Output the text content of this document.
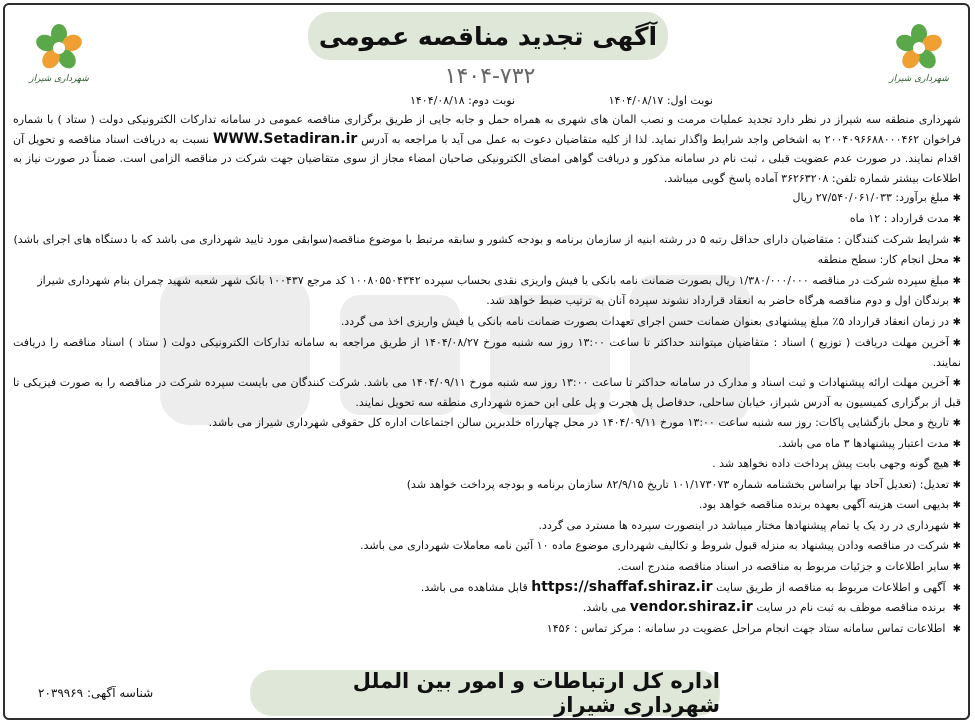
شهرداری شیراز	شهرداری شیراز
آگهی تجدید مناقصه عمومی
۱۴۰۴-۷۳۲
نوبت اول: ۱۴۰۴/۰۸/۱۷
نوبت دوم: ۱۴۰۴/۰۸/۱۸

شهرداری منطقه سه شیراز در نظر دارد تجدید عملیات مرمت و نصب المان های شهری به همراه حمل و جابه جایی از طریق برگزاری مناقصه عمومی در سامانه تدارکات الکترونیکی دولت ( ستاد ) با شماره فراخوان ۲۰۰۴۰۹۶۶۸۸۰۰۰۴۶۲ به اشخاص واجد شرایط واگذار نماید. لذا از کلیه متقاضیان دعوت به عمل می آید با مراجعه به آدرس WWW.Setadiran.ir نسبت به دریافت اسناد مناقصه و تحویل آن اقدام نمایند. در صورت عدم عضویت قبلی ، ثبت نام در سامانه مذکور و دریافت گواهی امضای الکترونیکی صاحبان امضاء مجاز از سوی متقاضیان جهت شرکت در مناقصه الزامی است. ضمناً در صورت نیاز به اطلاعات بیشتر شماره تلفن: ۳۶۲۶۳۲۰۸ آماده پاسخ گویی میباشد.

✱مبلغ برآورد: ۲۷/۵۴۰/۰۶۱/۰۳۳ ریال
✱مدت قرارداد : ۱۲ ماه
✱شرایط شرکت کنندگان : متقاضیان دارای حداقل رتبه ۵ در رشته ابنیه از سازمان برنامه و بودجه کشور و سابقه مرتبط با موضوع مناقصه(سوابقی مورد تایید شهرداری می باشد که با دستگاه های اجرای باشد)
✱محل انجام کار: سطح منطقه
✱مبلغ سپرده شرکت در مناقصه ۱/۳۸۰/۰۰۰/۰۰۰ ریال بصورت ضمانت نامه بانکی یا فیش واریزی نقدی بحساب سپرده ۱۰۰۸۰۵۵۰۴۳۴۲ کد مرجع ۱۰۰۴۳۷ بانک شهر شعبه شهید چمران بنام شهرداری شیراز
✱برندگان اول و دوم مناقصه هرگاه حاضر به انعقاد قرارداد نشوند سپرده آنان به ترتیب ضبط خواهد شد.
✱در زمان انعقاد قرارداد ۵٪ مبلغ پیشنهادی بعنوان ضمانت حسن اجرای تعهدات بصورت ضمانت نامه بانکی یا فیش واریزی اخذ می گردد.
✱آخرین مهلت دریافت ( توزیع ) اسناد : متقاضیان میتوانند حداکثر تا ساعت ۱۳:۰۰ روز سه شنبه مورخ ۱۴۰۴/۰۸/۲۷ از طریق مراجعه به سامانه تدارکات الکترونیکی دولت ( ستاد ) اسناد مناقصه را دریافت نمایند.
✱آخرین مهلت ارائه پیشنهادات و ثبت اسناد و مدارک در سامانه حداکثر تا ساعت ۱۳:۰۰ روز سه شنبه مورخ ۱۴۰۴/۰۹/۱۱ می باشد. شرکت کنندگان می بایست سپرده شرکت در مناقصه را به صورت فیزیکی تا قبل از برگزاری کمیسیون به آدرس شیراز، خیابان ساحلی، حدفاصل پل هجرت و پل علی ابن حمزه شهرداری منطقه سه تحویل نمایند.
✱تاریخ و محل بازگشایی پاکات: روز سه شنبه ساعت ۱۳:۰۰ مورخ ۱۴۰۴/۰۹/۱۱ در محل چهارراه خلدبرین سالن اجتماعات اداره کل حقوقی شهرداری شیراز می باشد.
✱مدت اعتبار پیشنهادها ۳ ماه می باشد.
✱هیچ گونه وجهی بابت پیش پرداخت داده نخواهد شد .
✱تعدیل: (تعدیل آحاد بها براساس بخشنامه شماره ۱۰۱/۱۷۳۰۷۳ تاریخ ۸۲/۹/۱۵ سازمان برنامه و بودجه پرداخت خواهد شد)
✱بدیهی است هزینه آگهی بعهده برنده مناقصه خواهد بود.
✱شهرداری در رد یک یا تمام پیشنهادها مختار میباشد در اینصورت سپرده ها مسترد می گردد.
✱شرکت در مناقصه ودادن پیشنهاد به منزله قبول شروط و تکالیف شهرداری موضوع ماده ۱۰ آئین نامه معاملات شهرداری می باشد.
✱سایر اطلاعات و جزئیات مربوط به مناقصه در اسناد مناقصه مندرج است.
✱ آگهی و اطلاعات مربوط به مناقصه از طریق سایت https://shaffaf.shiraz.ir قابل مشاهده می باشد.
✱ برنده مناقصه موظف به ثبت نام در سایت vendor.shiraz.ir می باشد.
✱ اطلاعات تماس سامانه ستاد جهت انجام مراحل عضویت در سامانه : مرکز تماس : ۱۴۵۶
اداره کل ارتباطات و امور بین الملل شهرداری شیراز
شناسه آگهی: ۲۰۳۹۹۶۹
